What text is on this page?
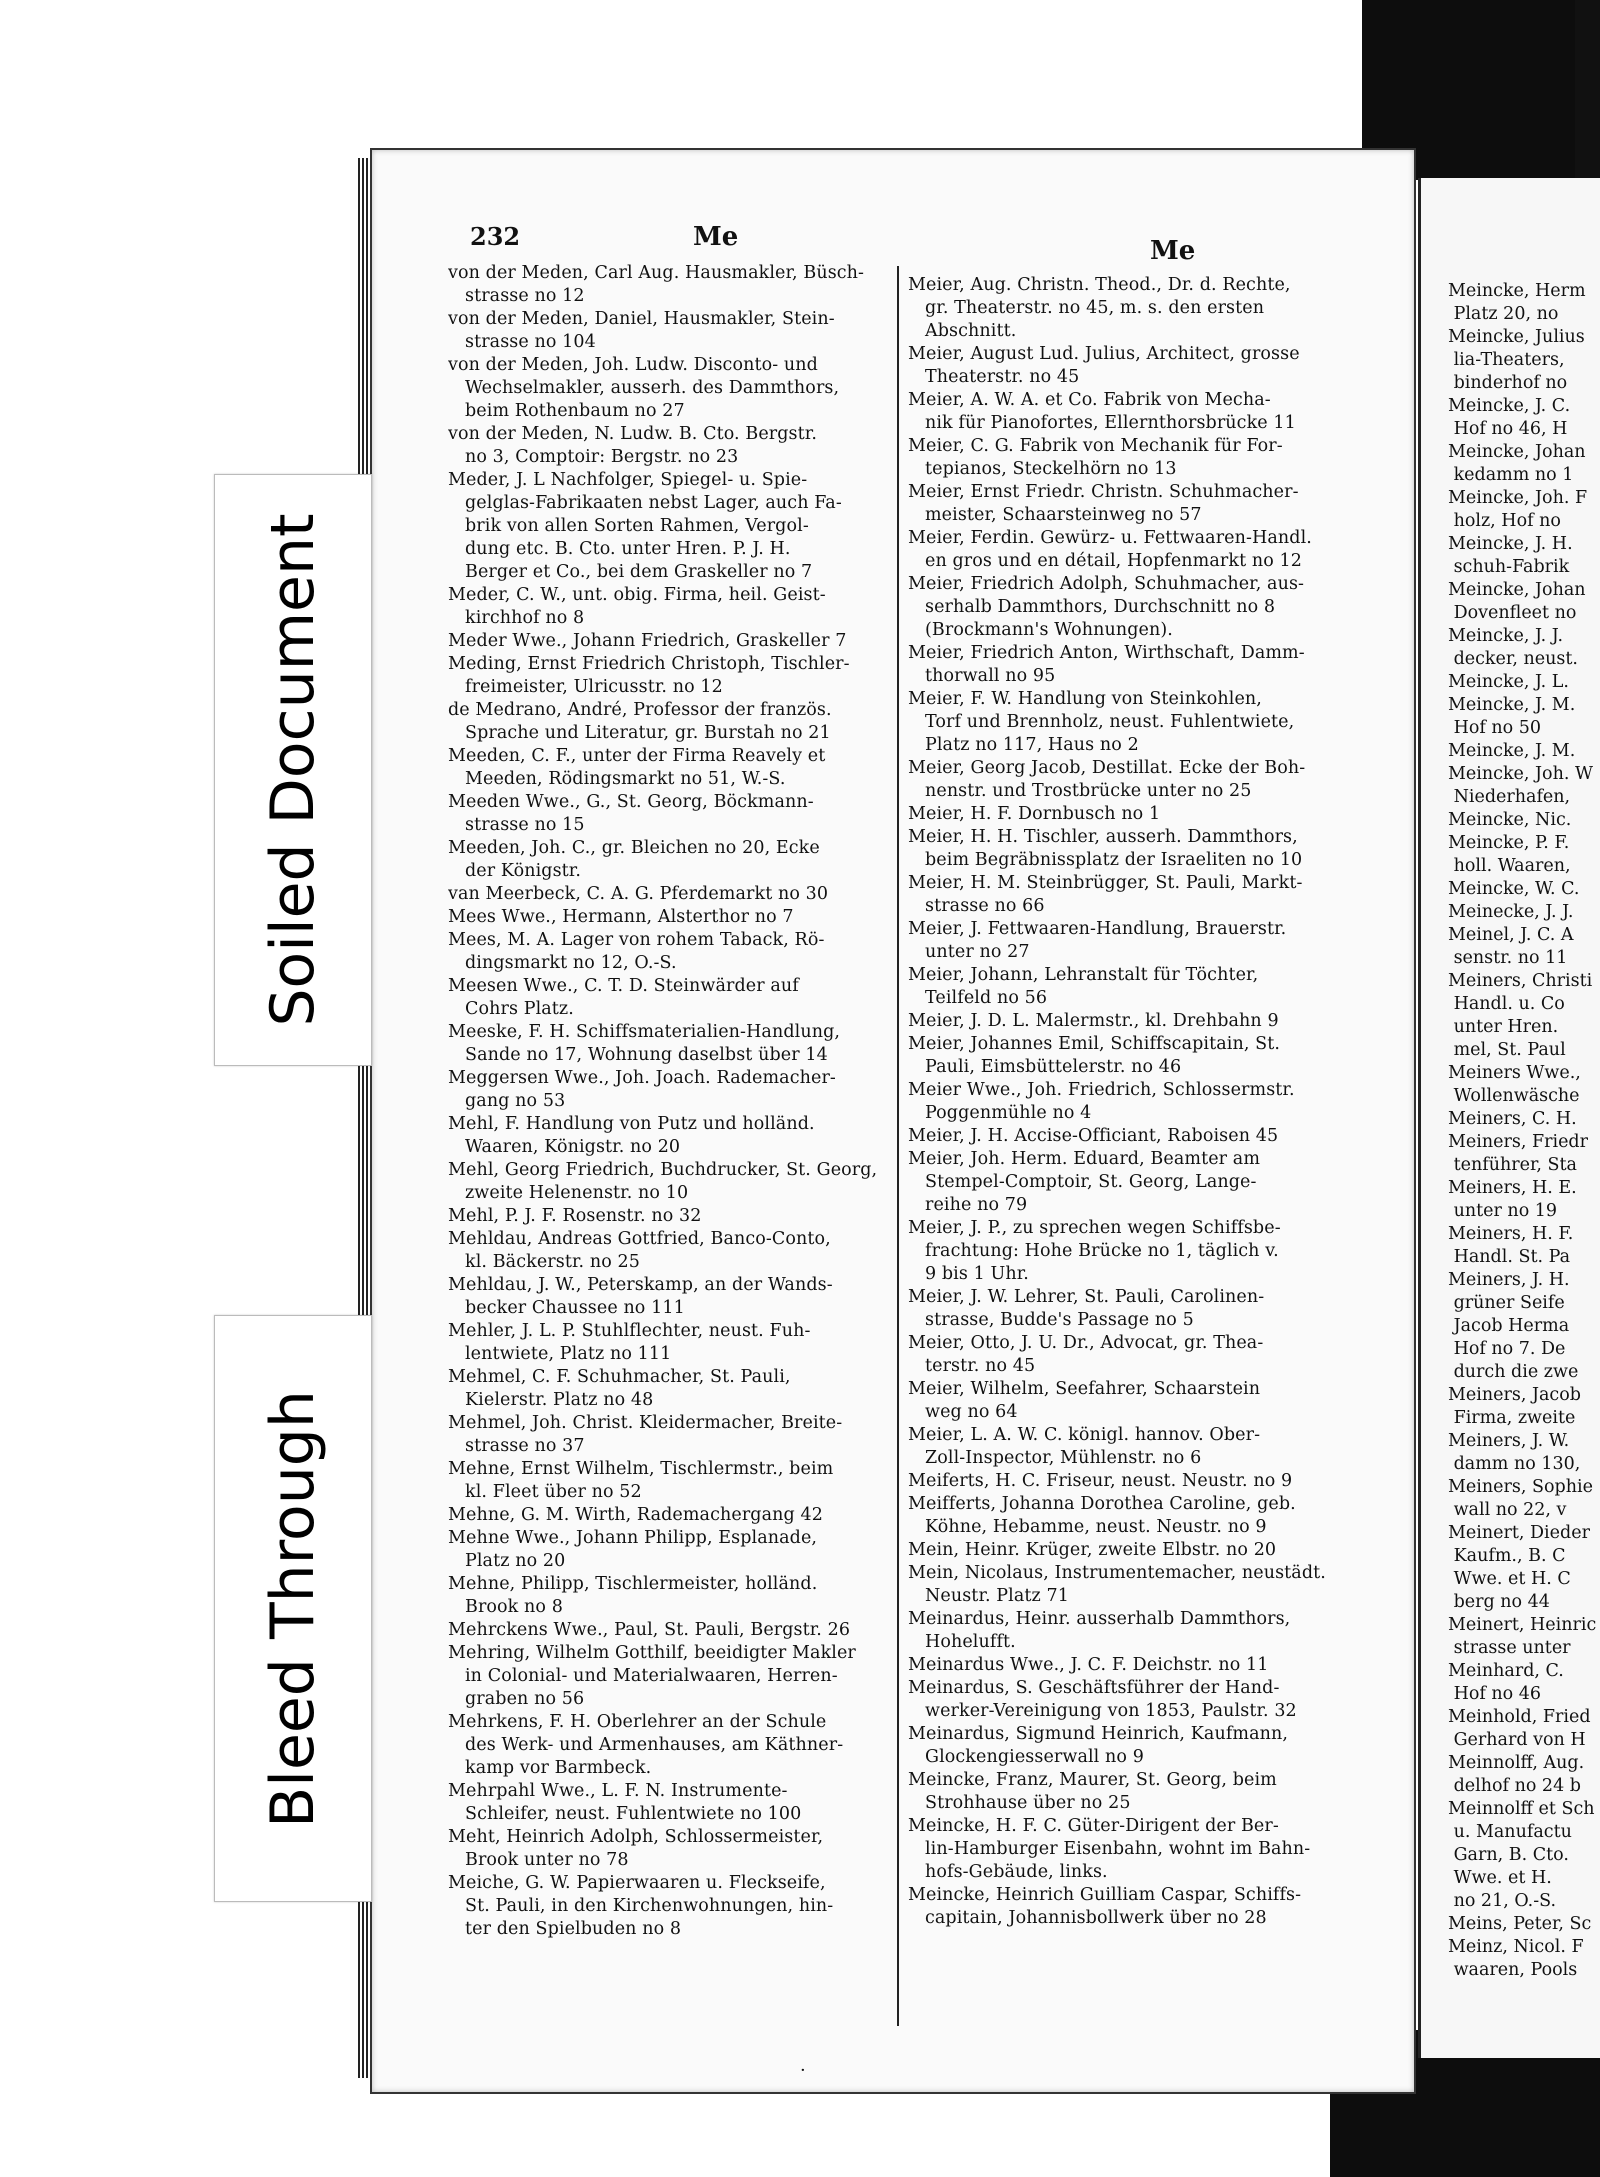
232	Me	Me
von der Meden, Carl Aug. Hausmakler, Büsch-
strasse no 12
von der Meden, Daniel, Hausmakler, Stein-
strasse no 104
von der Meden, Joh. Ludw. Disconto- und
Wechselmakler, ausserh. des Dammthors,
beim Rothenbaum no 27
von der Meden, N. Ludw. B. Cto. Bergstr.
no 3, Comptoir: Bergstr. no 23
Meder, J. L Nachfolger, Spiegel- u. Spie-
gelglas-Fabrikaaten nebst Lager, auch Fa-
brik von allen Sorten Rahmen, Vergol-
dung etc. B. Cto. unter Hren. P. J. H.
Berger et Co., bei dem Graskeller no 7
Meder, C. W., unt. obig. Firma, heil. Geist-
kirchhof no 8
Meder Wwe., Johann Friedrich, Graskeller 7
Meding, Ernst Friedrich Christoph, Tischler-
freimeister, Ulricusstr. no 12
de Medrano, André, Professor der französ.
Sprache und Literatur, gr. Burstah no 21
Meeden, C. F., unter der Firma Reavely et
Meeden, Rödingsmarkt no 51, W.-S.
Meeden Wwe., G., St. Georg, Böckmann-
strasse no 15
Meeden, Joh. C., gr. Bleichen no 20, Ecke
der Königstr.
van Meerbeck, C. A. G. Pferdemarkt no 30
Mees Wwe., Hermann, Alsterthor no 7
Mees, M. A. Lager von rohem Taback, Rö-
dingsmarkt no 12, O.-S.
Meesen Wwe., C. T. D. Steinwärder auf
Cohrs Platz.
Meeske, F. H. Schiffsmaterialien-Handlung,
Sande no 17, Wohnung daselbst über 14
Meggersen Wwe., Joh. Joach. Rademacher-
gang no 53
Mehl, F. Handlung von Putz und holländ.
Waaren, Königstr. no 20
Mehl, Georg Friedrich, Buchdrucker, St. Georg,
zweite Helenenstr. no 10
Mehl, P. J. F. Rosenstr. no 32
Mehldau, Andreas Gottfried, Banco-Conto,
kl. Bäckerstr. no 25
Mehldau, J. W., Peterskamp, an der Wands-
becker Chaussee no 111
Mehler, J. L. P. Stuhlflechter, neust. Fuh-
lentwiete, Platz no 111
Mehmel, C. F. Schuhmacher, St. Pauli,
Kielerstr. Platz no 48
Mehmel, Joh. Christ. Kleidermacher, Breite-
strasse no 37
Mehne, Ernst Wilhelm, Tischlermstr., beim
kl. Fleet über no 52
Mehne, G. M. Wirth, Rademachergang 42
Mehne Wwe., Johann Philipp, Esplanade,
Platz no 20
Mehne, Philipp, Tischlermeister, holländ.
Brook no 8
Mehrckens Wwe., Paul, St. Pauli, Bergstr. 26
Mehring, Wilhelm Gotthilf, beeidigter Makler
in Colonial- und Materialwaaren, Herren-
graben no 56
Mehrkens, F. H. Oberlehrer an der Schule
des Werk- und Armenhauses, am Käthner-
kamp vor Barmbeck.
Mehrpahl Wwe., L. F. N. Instrumente-
Schleifer, neust. Fuhlentwiete no 100
Meht, Heinrich Adolph, Schlossermeister,
Brook unter no 78
Meiche, G. W. Papierwaaren u. Fleckseife,
St. Pauli, in den Kirchenwohnungen, hin-
ter den Spielbuden no 8
Meier, Aug. Christn. Theod., Dr. d. Rechte,
gr. Theaterstr. no 45, m. s. den ersten
Abschnitt.
Meier, August Lud. Julius, Architect, grosse
Theaterstr. no 45
Meier, A. W. A. et Co. Fabrik von Mecha-
nik für Pianofortes, Ellernthorsbrücke 11
Meier, C. G. Fabrik von Mechanik für For-
tepianos, Steckelhörn no 13
Meier, Ernst Friedr. Christn. Schuhmacher-
meister, Schaarsteinweg no 57
Meier, Ferdin. Gewürz- u. Fettwaaren-Handl.
en gros und en détail, Hopfenmarkt no 12
Meier, Friedrich Adolph, Schuhmacher, aus-
serhalb Dammthors, Durchschnitt no 8
(Brockmann's Wohnungen).
Meier, Friedrich Anton, Wirthschaft, Damm-
thorwall no 95
Meier, F. W. Handlung von Steinkohlen,
Torf und Brennholz, neust. Fuhlentwiete,
Platz no 117, Haus no 2
Meier, Georg Jacob, Destillat. Ecke der Boh-
nenstr. und Trostbrücke unter no 25
Meier, H. F. Dornbusch no 1
Meier, H. H. Tischler, ausserh. Dammthors,
beim Begräbnissplatz der Israeliten no 10
Meier, H. M. Steinbrügger, St. Pauli, Markt-
strasse no 66
Meier, J. Fettwaaren-Handlung, Brauerstr.
unter no 27
Meier, Johann, Lehranstalt für Töchter,
Teilfeld no 56
Meier, J. D. L. Malermstr., kl. Drehbahn 9
Meier, Johannes Emil, Schiffscapitain, St.
Pauli, Eimsbüttelerstr. no 46
Meier Wwe., Joh. Friedrich, Schlossermstr.
Poggenmühle no 4
Meier, J. H. Accise-Officiant, Raboisen 45
Meier, Joh. Herm. Eduard, Beamter am
Stempel-Comptoir, St. Georg, Lange-
reihe no 79
Meier, J. P., zu sprechen wegen Schiffsbe-
frachtung: Hohe Brücke no 1, täglich v.
9 bis 1 Uhr.
Meier, J. W. Lehrer, St. Pauli, Carolinen-
strasse, Budde's Passage no 5
Meier, Otto, J. U. Dr., Advocat, gr. Thea-
terstr. no 45
Meier, Wilhelm, Seefahrer, Schaarstein
weg no 64
Meier, L. A. W. C. königl. hannov. Ober-
Zoll-Inspector, Mühlenstr. no 6
Meiferts, H. C. Friseur, neust. Neustr. no 9
Meifferts, Johanna Dorothea Caroline, geb.
Köhne, Hebamme, neust. Neustr. no 9
Mein, Heinr. Krüger, zweite Elbstr. no 20
Mein, Nicolaus, Instrumentemacher, neustädt.
Neustr. Platz 71
Meinardus, Heinr. ausserhalb Dammthors,
Hohelufft.
Meinardus Wwe., J. C. F. Deichstr. no 11
Meinardus, S. Geschäftsführer der Hand-
werker-Vereinigung von 1853, Paulstr. 32
Meinardus, Sigmund Heinrich, Kaufmann,
Glockengiesserwall no 9
Meincke, Franz, Maurer, St. Georg, beim
Strohhause über no 25
Meincke, H. F. C. Güter-Dirigent der Ber-
lin-Hamburger Eisenbahn, wohnt im Bahn-
hofs-Gebäude, links.
Meincke, Heinrich Guilliam Caspar, Schiffs-
capitain, Johannisbollwerk über no 28
Meincke, Herm
Platz 20, no
Meincke, Julius
lia-Theaters,
binderhof no
Meincke, J. C.
Hof no 46, H
Meincke, Johan
kedamm no 1
Meincke, Joh. F
holz, Hof no
Meincke, J. H.
schuh-Fabrik
Meincke, Johan
Dovenfleet no
Meincke, J. J.
decker, neust.
Meincke, J. L.
Meincke, J. M.
Hof no 50
Meincke, J. M.
Meincke, Joh. W
Niederhafen,
Meincke, Nic.
Meincke, P. F.
holl. Waaren,
Meincke, W. C.
Meinecke, J. J.
Meinel, J. C. A
senstr. no 11
Meiners, Christi
Handl. u. Co
unter Hren.
mel, St. Paul
Meiners Wwe.,
Wollenwäsche
Meiners, C. H.
Meiners, Friedr
tenführer, Sta
Meiners, H. E.
unter no 19
Meiners, H. F.
Handl. St. Pa
Meiners, J. H.
grüner Seife
Jacob Herma
Hof no 7. De
durch die zwe
Meiners, Jacob
Firma, zweite
Meiners, J. W.
damm no 130,
Meiners, Sophie
wall no 22, v
Meinert, Dieder
Kaufm., B. C
Wwe. et H. C
berg no 44
Meinert, Heinric
strasse unter
Meinhard, C.
Hof no 46
Meinhold, Fried
Gerhard von H
Meinnolff, Aug.
delhof no 24 b
Meinnolff et Sch
u. Manufactu
Garn, B. Cto.
Wwe. et H.
no 21, O.-S.
Meins, Peter, Sc
Meinz, Nicol. F
waaren, Pools
·
Soiled Document
Bleed Through
